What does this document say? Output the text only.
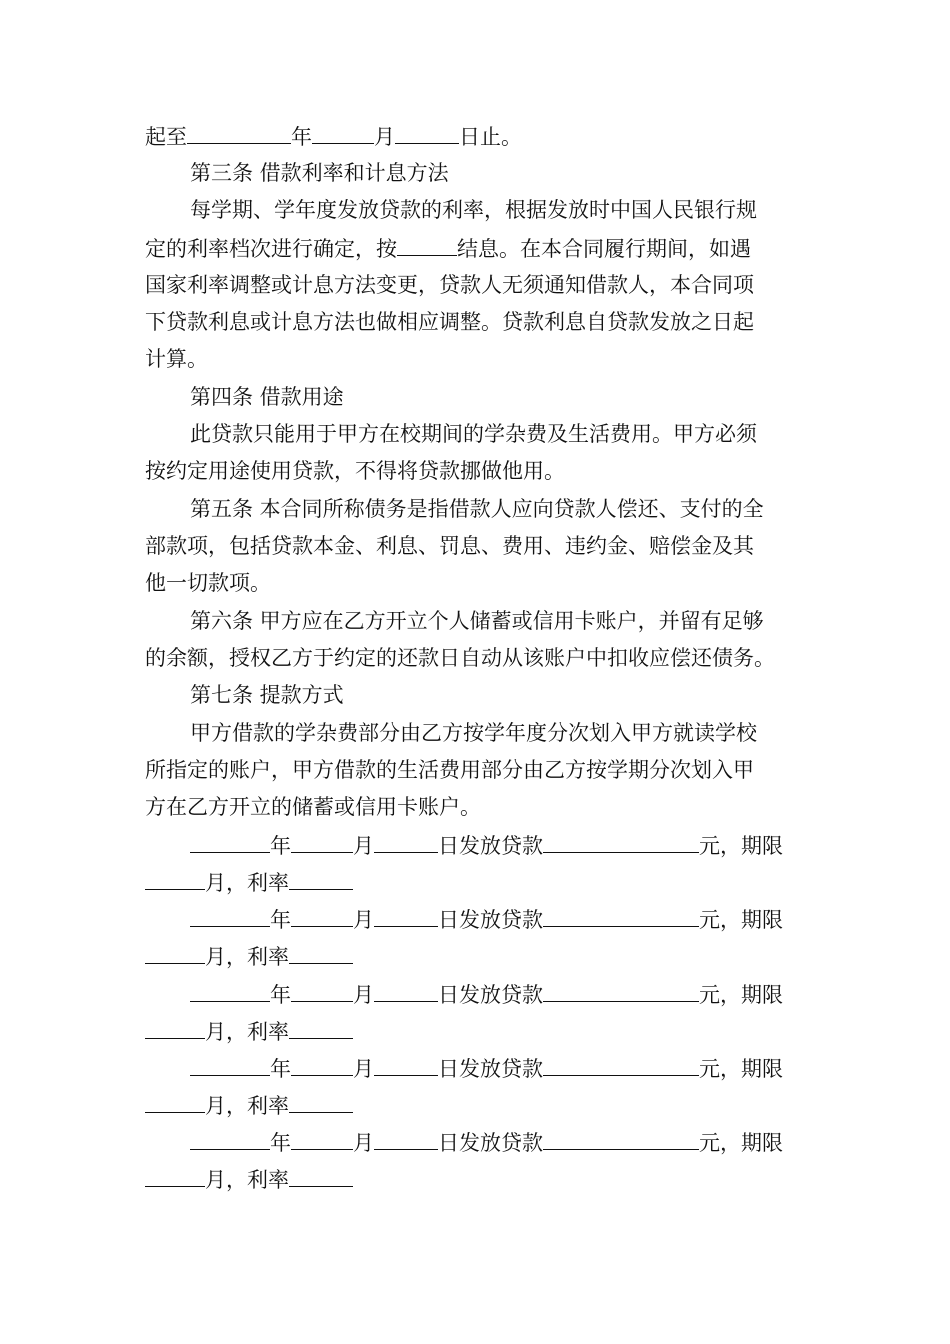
起至	年	月	日止。
第三条 借款利率和计息方法
每学期、学年度发放贷款的利率，根据发放时中国人民银行规
定的利率档次进行确定，按	结息。在本合同履行期间，如遇
国家利率调整或计息方法变更，贷款人无须通知借款人，本合同项
下贷款利息或计息方法也做相应调整。贷款利息自贷款发放之日起
计算。
第四条 借款用途
此贷款只能用于甲方在校期间的学杂费及生活费用。甲方必须
按约定用途使用贷款，不得将贷款挪做他用。
第五条 本合同所称债务是指借款人应向贷款人偿还、支付的全
部款项，包括贷款本金、利息、罚息、费用、违约金、赔偿金及其
他一切款项。
第六条 甲方应在乙方开立个人储蓄或信用卡账户，并留有足够
的余额，授权乙方于约定的还款日自动从该账户中扣收应偿还债务。
第七条 提款方式
甲方借款的学杂费部分由乙方按学年度分次划入甲方就读学校
所指定的账户，甲方借款的生活费用部分由乙方按学期分次划入甲
方在乙方开立的储蓄或信用卡账户。
年	月	日发放贷款	元，期限
月，利率
年	月	日发放贷款	元，期限
月，利率
年	月	日发放贷款	元，期限
月，利率
年	月	日发放贷款	元，期限
月，利率
年	月	日发放贷款	元，期限
月，利率
